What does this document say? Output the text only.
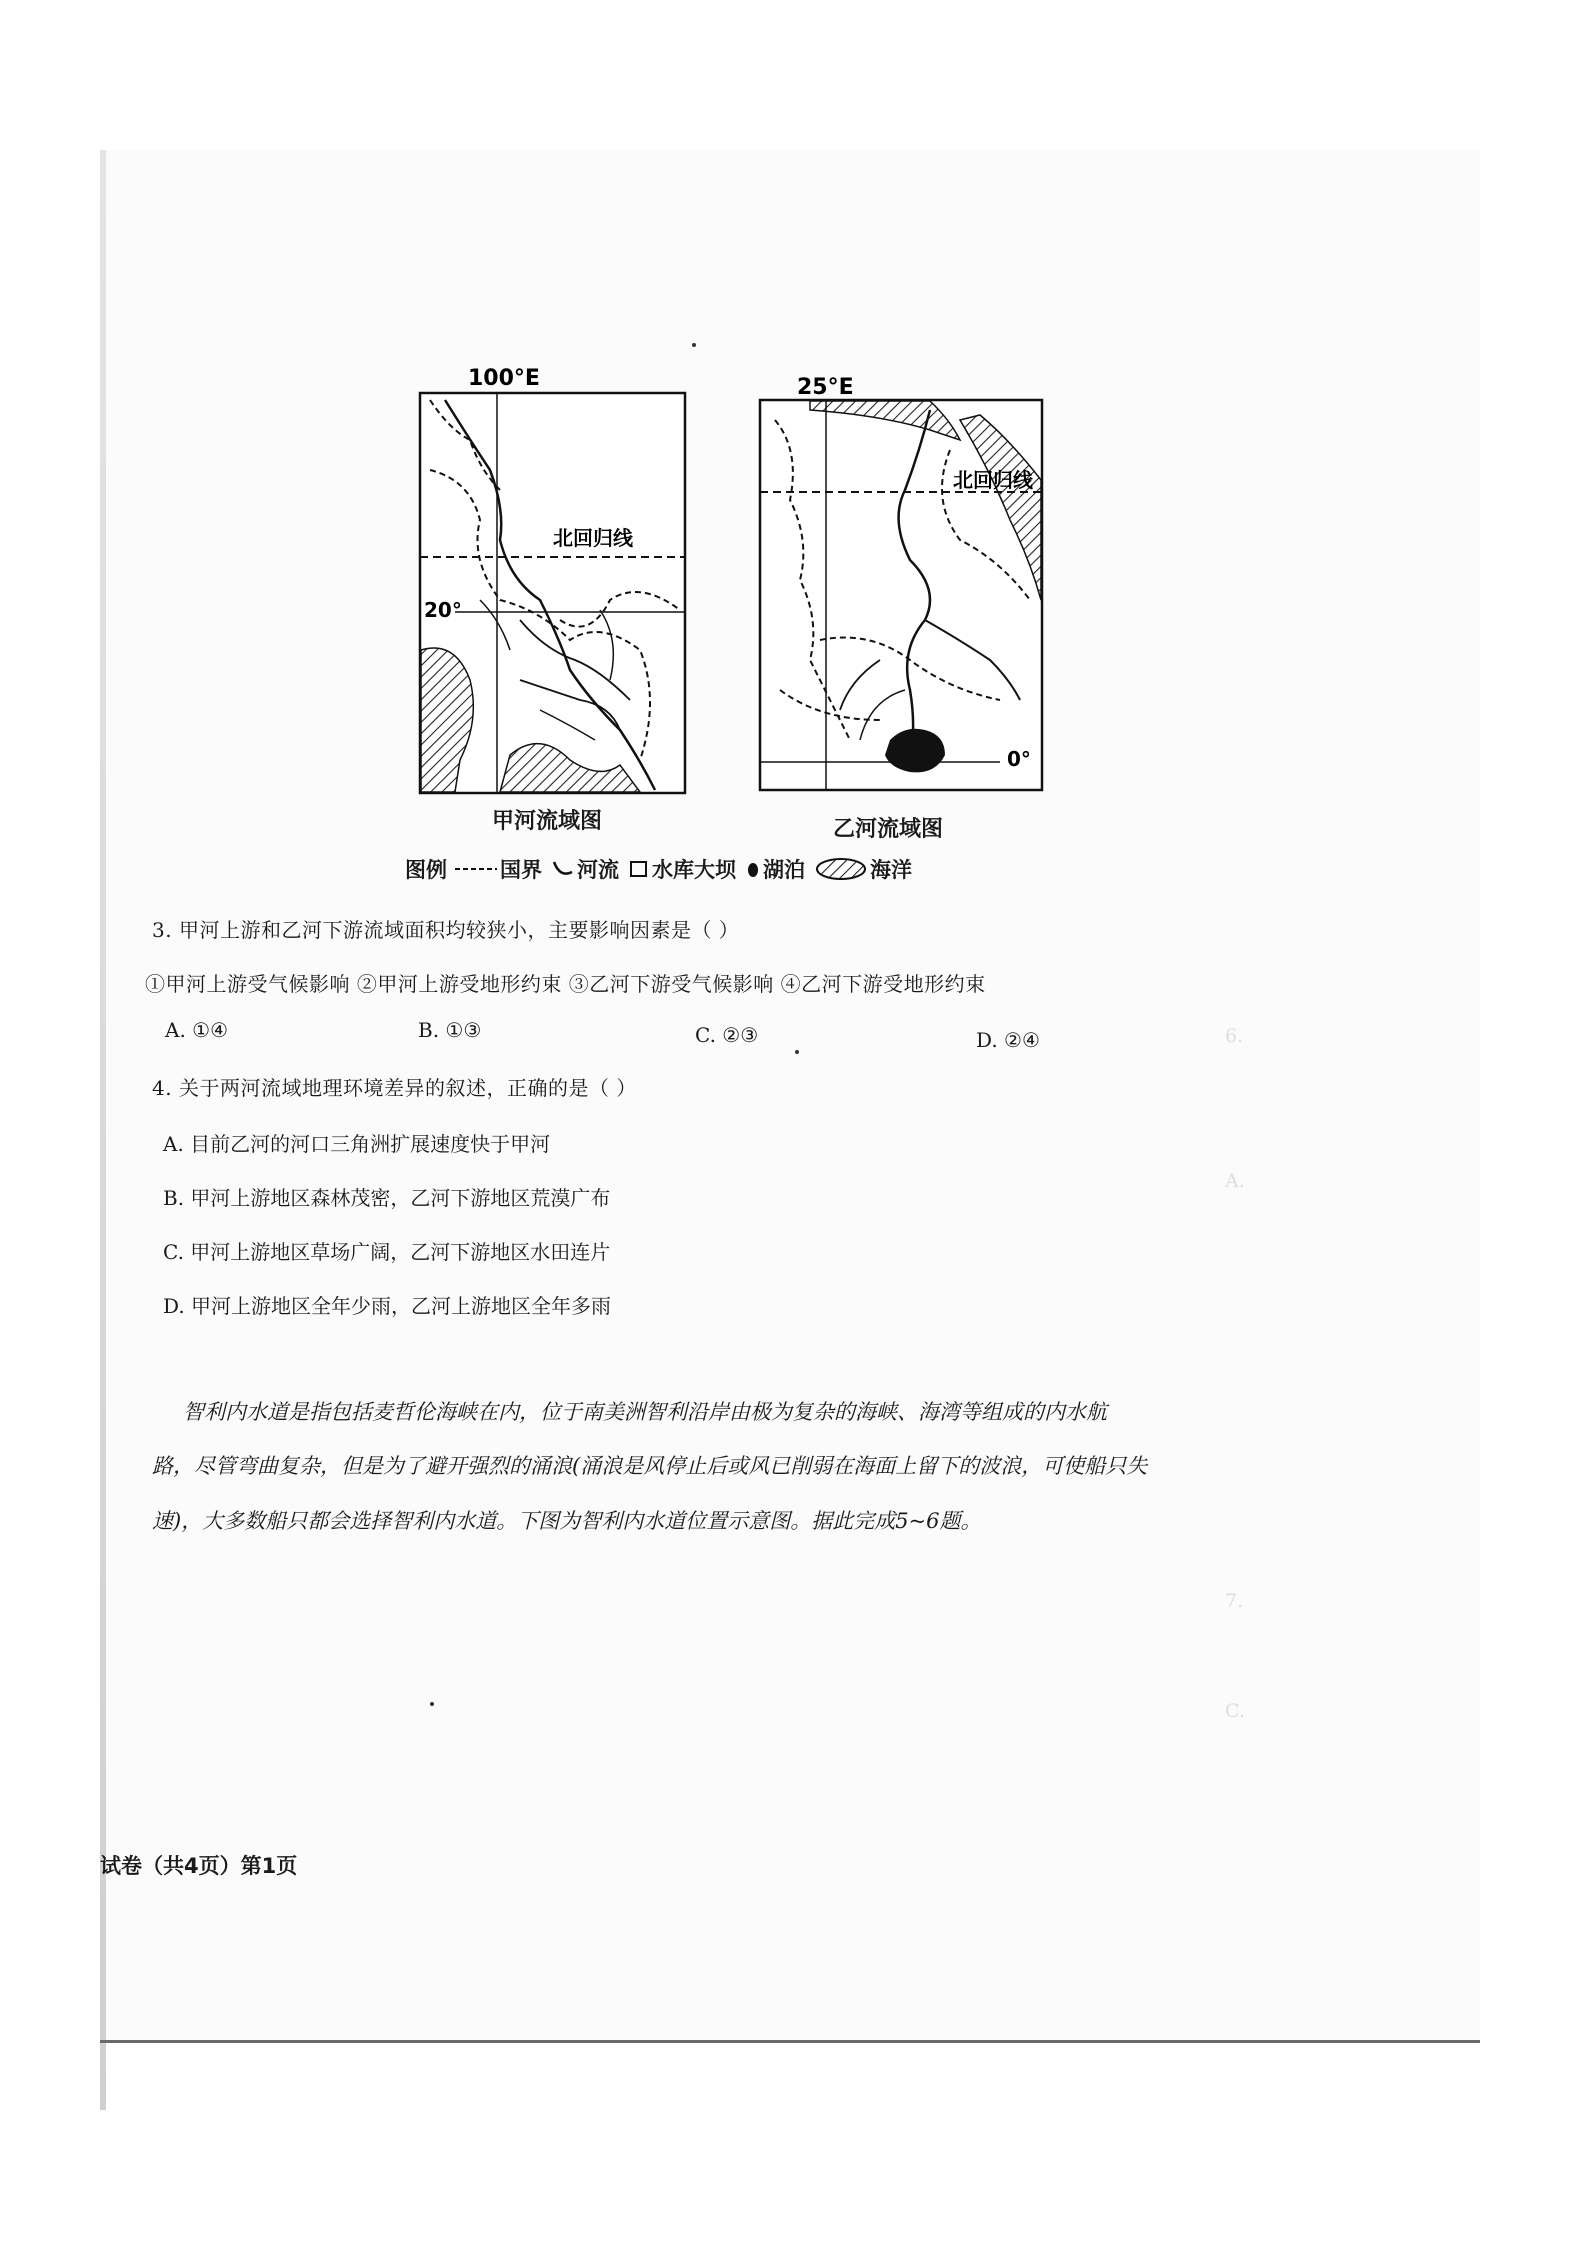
6.
A.
7.
C.
100°E
北回归线
20°
25°E
北回归线
0°
甲河流域图	乙河流域图
图例	国界 河流 水库大坝 湖泊	海洋
3. 甲河上游和乙河下游流域面积均较狭小，主要影响因素是（ ）
①甲河上游受气候影响 ②甲河上游受地形约束 ③乙河下游受气候影响 ④乙河下游受地形约束
A. ①④	B. ①③	C. ②③	D. ②④
4. 关于两河流域地理环境差异的叙述，正确的是（ ）
A. 目前乙河的河口三角洲扩展速度快于甲河
B. 甲河上游地区森林茂密，乙河下游地区荒漠广布
C. 甲河上游地区草场广阔，乙河下游地区水田连片
D. 甲河上游地区全年少雨，乙河上游地区全年多雨
智利内水道是指包括麦哲伦海峡在内，位于南美洲智利沿岸由极为复杂的海峡、海湾等组成的内水航
路，尽管弯曲复杂，但是为了避开强烈的涌浪(涌浪是风停止后或风已削弱在海面上留下的波浪，可使船只失
速)，大多数船只都会选择智利内水道。下图为智利内水道位置示意图。据此完成5~6题。
试卷（共4页）第1页
